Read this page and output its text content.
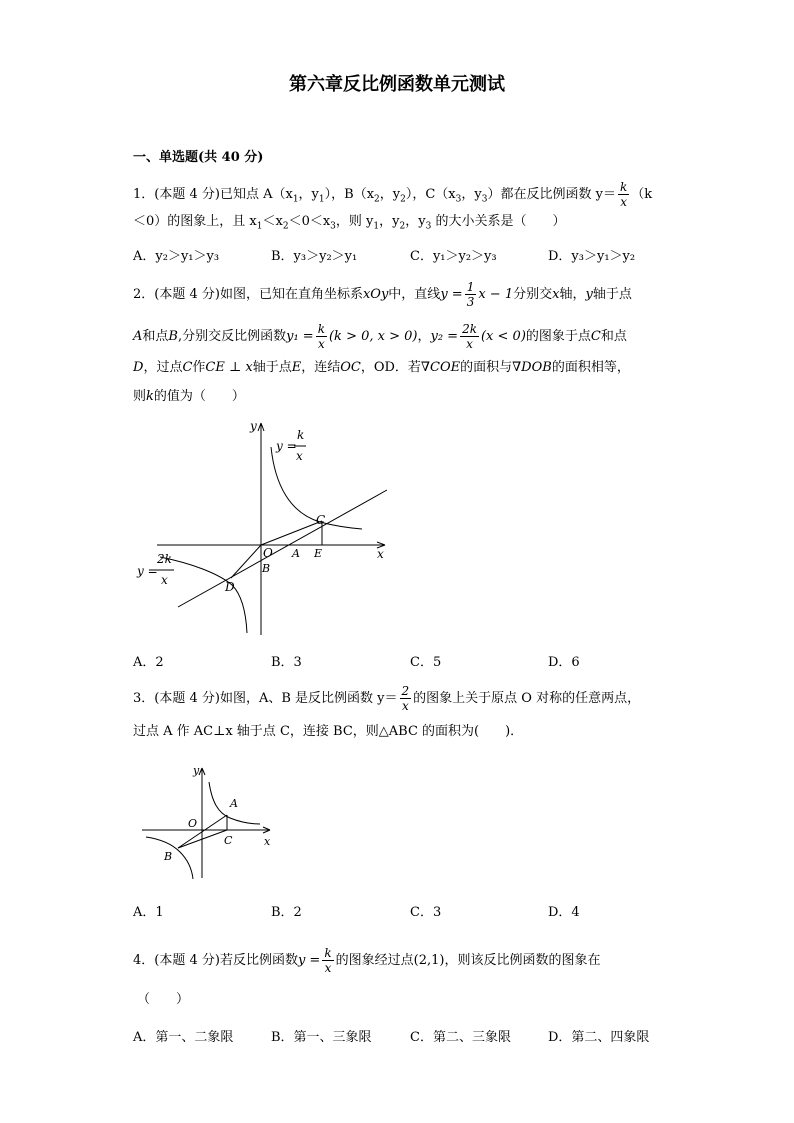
第六章反比例函数单元测试
一、单选题(共 40 分)
1．(本题 4 分)已知点 $A(x_1$，$y_1$），$B(x_2$，$y_2$），$C(x_3$，$y_3$）都在反比例函数 $y= \frac{k}{x} (k$
＜0）的图象上，且 $x_1<x_2<0<x_3$，则 $y_1$，$y_2$，$y_3$ 的大小关系是（　　）
A．y₂＞y₁＞y₃	B．y₃＞y₂＞y₁	C．y₁＞y₂＞y₃	D．y₃＞y₁＞y₂
2．(本题 4 分)如图，已知在直角坐标系xOy中，直线$y = \frac{1}{3}$ x − 1分别交x轴，y轴于点
A和点B,分别交反比例函数$y_1 = \frac{k}{x} (k > 0$, x > 0)，$y_2 = \frac{2k}{x} (x < 0)$的图象于点C和点
D，过点C作CE ⊥ x轴于点E，连结OC，OD．若∇COE的面积与∇DOB的面积相等，
则k的值为（　　）
y
x
O A E
C
B
D
y =
k
x
y =
2k
x
A．2	B．3	C．5	D．6
3．(本题 4 分)如图，A、B 是反比例函数 $y= \frac{2}{x}$ 的图象上关于原点 O 对称的任意两点，
过点 A 作 AC⊥x 轴于点 C，连接 BC，则△ABC 的面积为(　　)．
y
x
O
A
C
B
A．1	B．2	C．3	D．4
4．(本题 4 分)若反比例函数$y = \frac{k}{x}$ 的图象经过点(2,1)，则该反比例函数的图象在
（　　）
A．第一、二象限	B．第一、三象限	C．第二、三象限	D．第二、四象限
